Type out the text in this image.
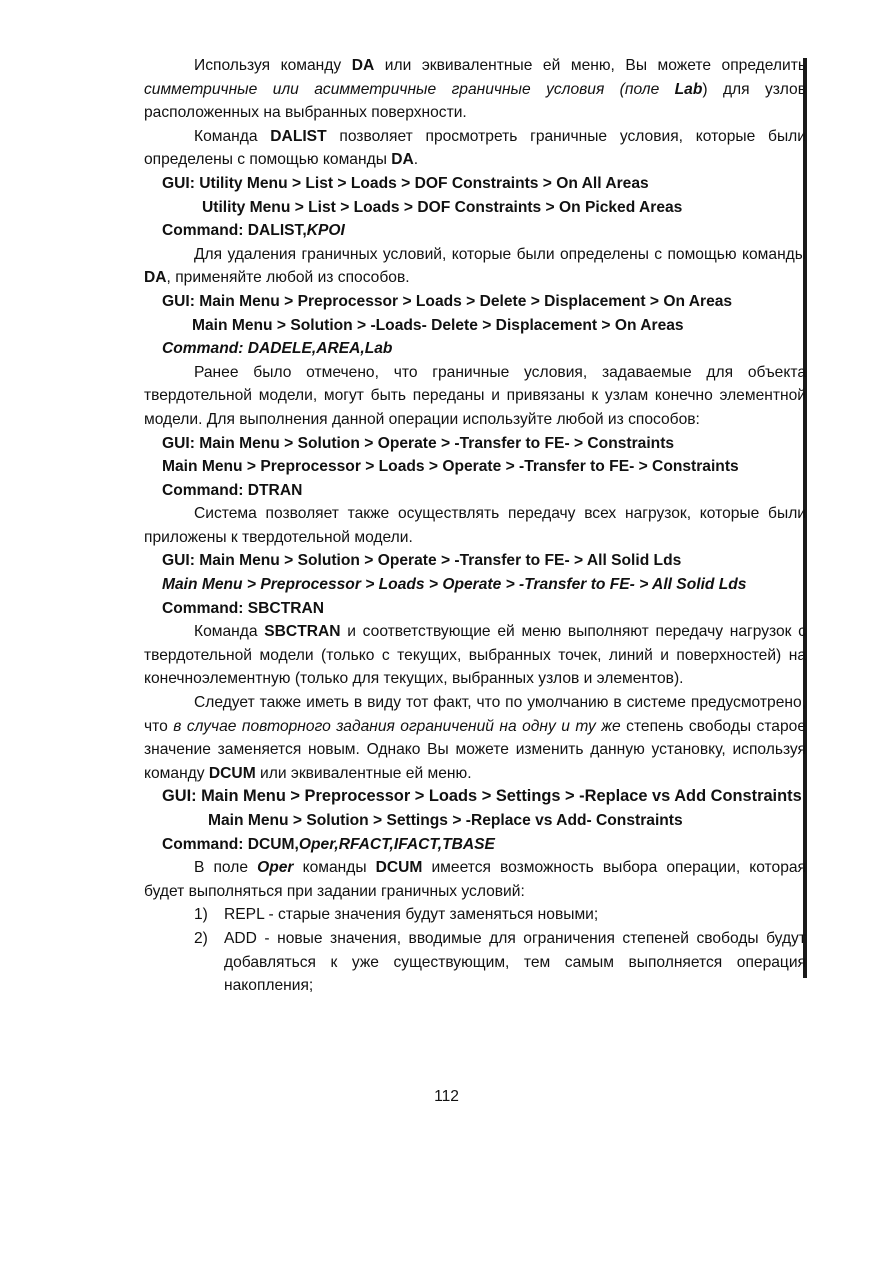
Используя команду DA или эквивалентные ей меню, Вы можете определить симметричные или асимметричные граничные условия (поле Lab) для узлов расположенных на выбранных поверхности.

Команда DALIST позволяет просмотреть граничные условия, которые были определены с помощью команды DA.

GUI: Utility Menu > List > Loads > DOF Constraints > On All Areas

Utility Menu > List > Loads > DOF Constraints > On Picked Areas

Command: DALIST,KPOI

Для удаления граничных условий, которые были определены с помощью команды DA, применяйте любой из способов.

GUI: Main Menu > Preprocessor > Loads > Delete > Displacement > On Areas

Main Menu > Solution > -Loads- Delete > Displacement > On Areas

Command: DADELE,AREA,Lab

Ранее было отмечено, что граничные условия, задаваемые для объекта твердотельной модели, могут быть переданы и привязаны к узлам конечно элементной модели. Для выполнения данной операции используйте любой из способов:

GUI: Main Menu > Solution > Operate > -Transfer to FE- > Constraints

Main Menu > Preprocessor > Loads > Operate > -Transfer to FE- > Constraints

Command: DTRAN

Система позволяет также осуществлять передачу всех нагрузок, которые были приложены к твердотельной модели.

GUI: Main Menu > Solution > Operate > -Transfer to FE- > All Solid Lds

Main Menu > Preprocessor > Loads > Operate > -Transfer to FE- > All Solid Lds

Command: SBCTRAN

Команда SBCTRAN и соответствующие ей меню выполняют передачу нагрузок с твердотельной модели (только с текущих, выбранных точек, линий и поверхностей) на конечноэлементную (только для текущих, выбранных узлов и элементов).

Следует также иметь в виду тот факт, что по умолчанию в системе предусмотрено, что в случае повторного задания ограничений на одну и ту же степень свободы старое значение заменяется новым. Однако Вы можете изменить данную установку, используя команду DCUM или эквивалентные ей меню.

GUI: Main Menu > Preprocessor > Loads > Settings > -Replace vs Add Constraints

Main Menu > Solution > Settings > -Replace vs Add- Constraints

Command: DCUM,Oper,RFACT,IFACT,TBASE

В поле Oper команды DCUM имеется возможность выбора операции, которая будет выполняться при задании граничных условий:

1)	REPL - старые значения будут заменяться новыми;
2)	ADD - новые значения, вводимые для ограничения степеней свободы будут добавляться к уже существующим, тем самым выполняется операция накопления;
112
